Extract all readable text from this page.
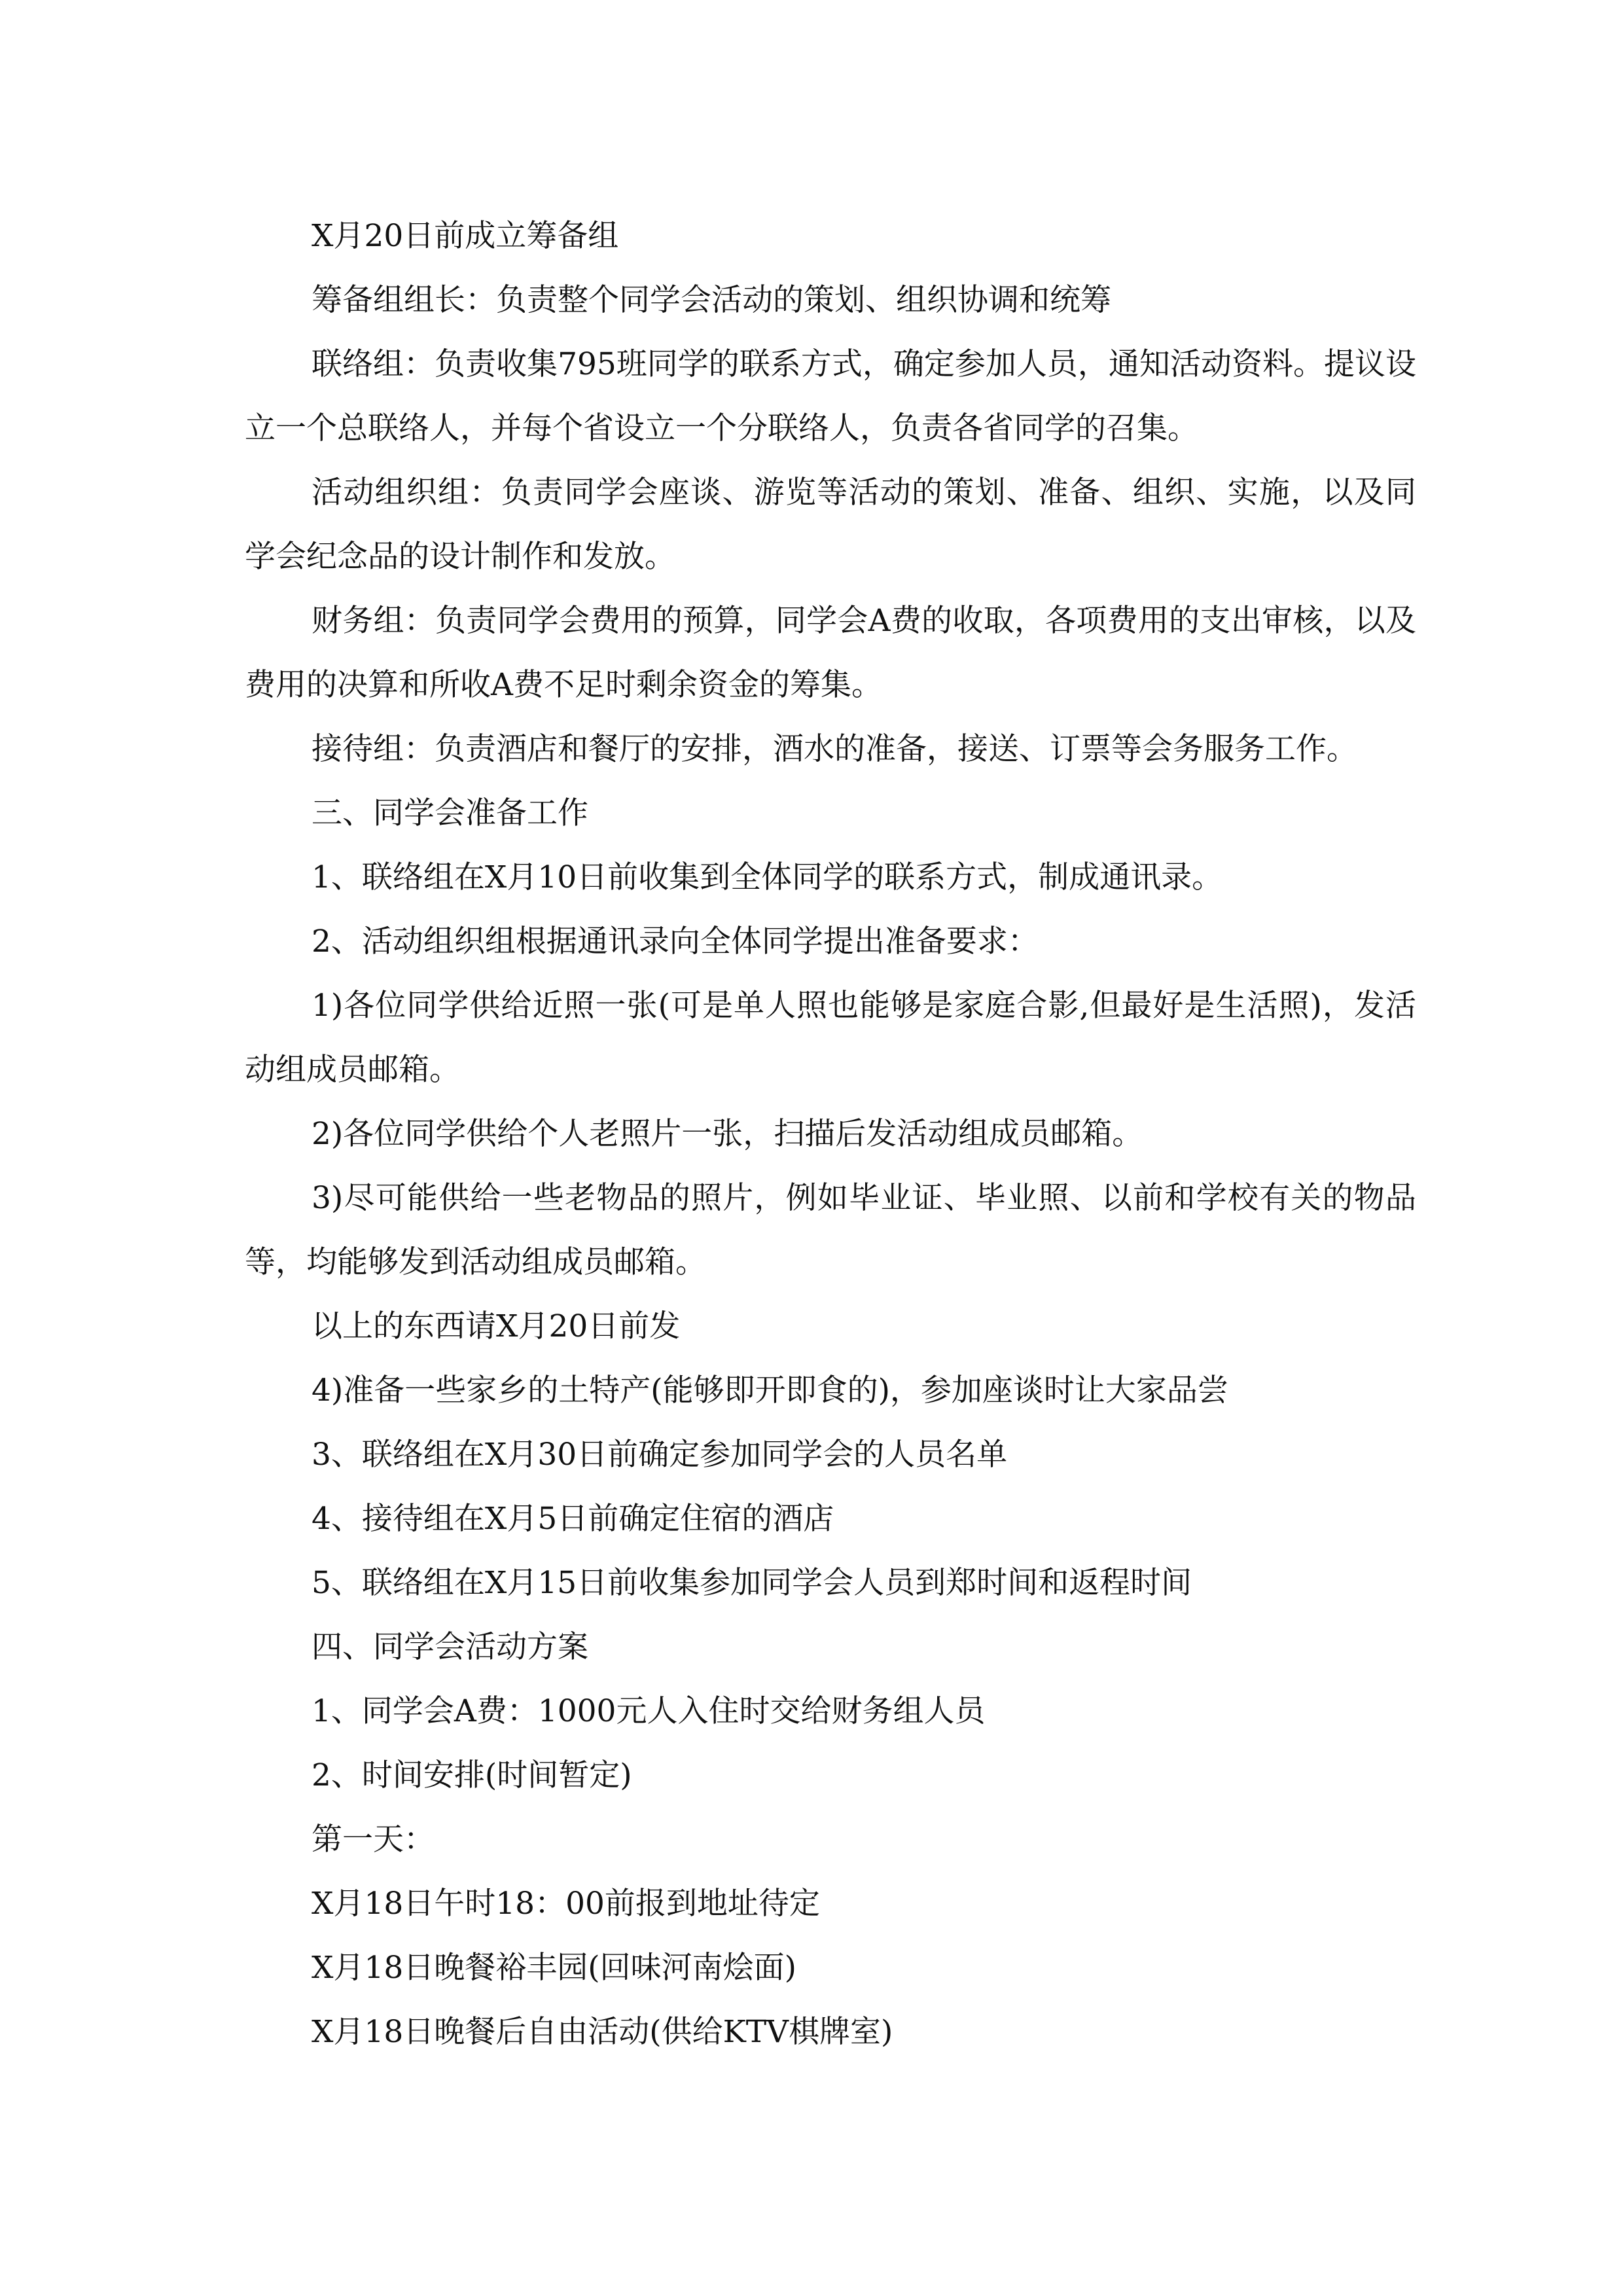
X月20日前成立筹备组

筹备组组长：负责整个同学会活动的策划、组织协调和统筹

联络组：负责收集795班同学的联系方式，确定参加人员，通知活动资料。提议设立一个总联络人，并每个省设立一个分联络人，负责各省同学的召集。

活动组织组：负责同学会座谈、游览等活动的策划、准备、组织、实施，以及同学会纪念品的设计制作和发放。

财务组：负责同学会费用的预算，同学会A费的收取，各项费用的支出审核，以及费用的决算和所收A费不足时剩余资金的筹集。

接待组：负责酒店和餐厅的安排，酒水的准备，接送、订票等会务服务工作。

三、同学会准备工作

1、联络组在X月10日前收集到全体同学的联系方式，制成通讯录。

2、活动组织组根据通讯录向全体同学提出准备要求：

1)各位同学供给近照一张(可是单人照也能够是家庭合影,但最好是生活照)，发活动组成员邮箱。

2)各位同学供给个人老照片一张，扫描后发活动组成员邮箱。

3)尽可能供给一些老物品的照片，例如毕业证、毕业照、以前和学校有关的物品等，均能够发到活动组成员邮箱。

以上的东西请X月20日前发

4)准备一些家乡的土特产(能够即开即食的)，参加座谈时让大家品尝

3、联络组在X月30日前确定参加同学会的人员名单

4、接待组在X月5日前确定住宿的酒店

5、联络组在X月15日前收集参加同学会人员到郑时间和返程时间

四、同学会活动方案

1、同学会A费：1000元人入住时交给财务组人员

2、时间安排(时间暂定)

第一天：

X月18日午时18：00前报到地址待定

X月18日晚餐裕丰园(回味河南烩面)

X月18日晚餐后自由活动(供给KTV棋牌室)
